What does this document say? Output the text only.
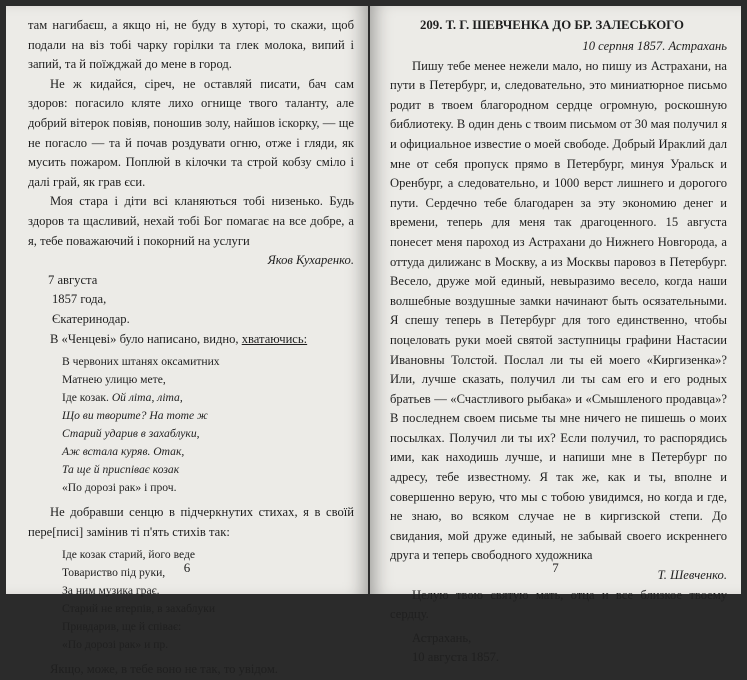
там нагибаєш, а якщо ні, не буду в хуторі, то скажи, щоб подали на віз тобі чарку горілки та глек молока, випий і запий, та й поїжджай до мене в город.

Не ж кидайся, сіреч, не оставляй писати, бач сам здоров: погасило кляте лихо огнище твого таланту, але добрий вітерок повіяв, поношив золу, найшов іскорку, — ще не погасло — та й почав роздувати огню, отже і гляди, як мусить пожаром. Поплюй в кілочки та строй кобзу сміло і далі грай, як грав єси.

Моя стара і діти всі кланяються тобі низенько. Будь здоров та щасливий, нехай тобі Бог помагає на все добре, а я, тебе поважаючий і покорний на услуги

Яков Кухаренко.
7 августа
1857 года,
Єкатеринодар.

В «Ченцеві» було написано, видно, хватаючись:

В червоних штанях оксамитних
Матнею улицю мете,
Іде козак. Ой літа, літа,
Що ви творите? На тоте ж
Старий ударив в захаблуки,
Аж встала куряв. Отак,
Та ще й приспіває козак
«По дорозі рак» і проч.

Не добравши сенцю в підчеркнутих стихах, я в своїй пере[писі] замінив ті п'ять стихів так:

Іде козак старий, його веде
Товариство під руки,
За ним музика грає.
Старий не втерпів, в захаблуки
Привдарив, ще й співає:
«По дорозі рак» и пр.

Якщо, може, в тебе воно не так, то увідом.

6
209. Т. Г. ШЕВЧЕНКА ДО БР. ЗАЛЕСЬКОГО
10 серпня 1857. Астрахань

Пишу тебе менее нежели мало, но пишу из Астрахани, на пути в Петербург, и, следовательно, это миниатюрное письмо родит в твоем благородном сердце огромную, роскошную библиотеку. В один день с твоим письмом от 30 мая получил я и официальное известие о моей свободе. Добрый Ираклий дал мне от себя пропуск прямо в Петербург, минуя Уральск и Оренбург, а следовательно, и 1000 верст лишнего и дорогого пути. Сердечно тебе благодарен за эту экономию денег и времени, теперь для меня так драгоценного. 15 августа понесет меня пароход из Астрахани до Нижнего Новгорода, а оттуда дилижанс в Москву, а из Москвы паровоз в Петербург. Весело, друже мой единый, невыразимо весело, когда наши волшебные воздушные замки начинают быть осязательными. Я спешу теперь в Петербург для того единственно, чтобы поцеловать руки моей святой заступницы графини Настасии Ивановны Толстой. Послал ли ты ей моего «Киргизенка»? Или, лучше сказать, получил ли ты сам его и его родных братьев — «Счастливого рыбака» и «Смышленого продавца»? В последнем своем письме ты мне ничего не пишешь о моих посылках. Получил ли ты их? Если получил, то распорядись ими, как находишь лучше, и напиши мне в Петербург по адресу, тебе известному. Я так же, как и ты, вполне и совершенно верую, что мы с тобою увидимся, но когда и где, не знаю, во всяком случае не в киргизской степи. До свидания, мой друже единый, не забывай своего искреннего друга и теперь свободного художника

Т. Шевченко.

Целую твою святую мать, отца и все близкое твоему сердцу.

Астрахань,
10 августа 1857.
7
